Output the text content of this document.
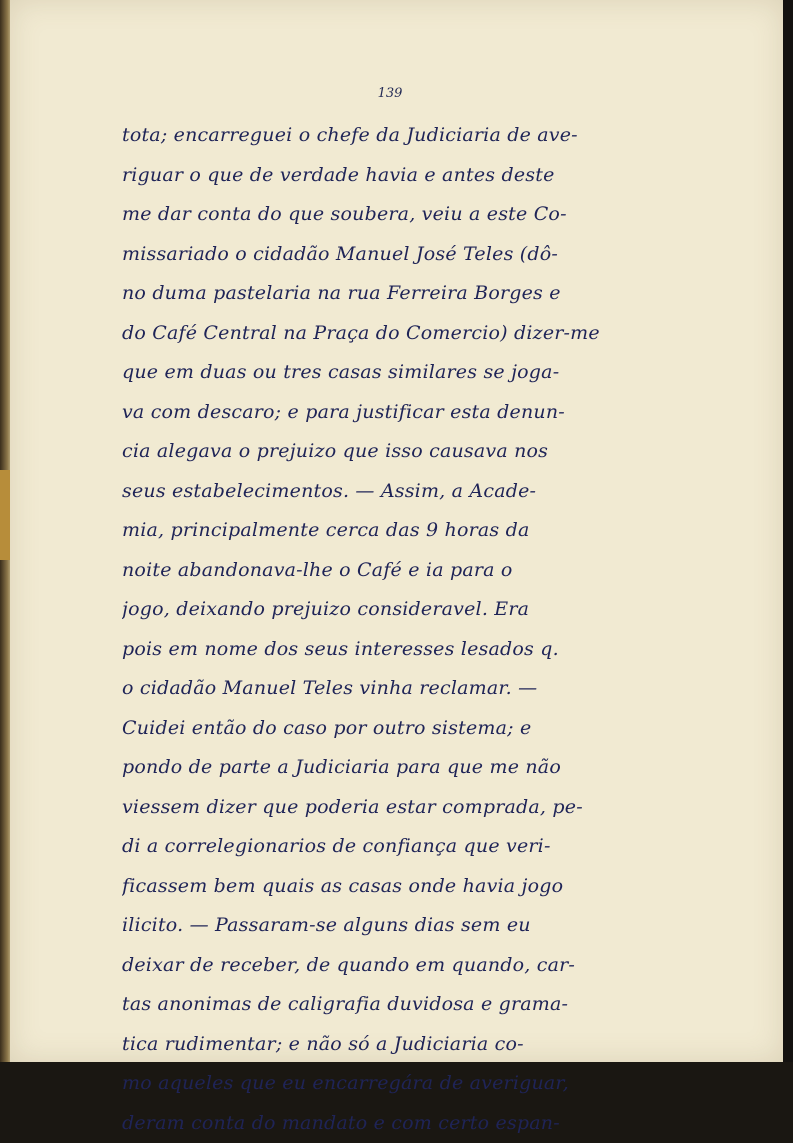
139
tota; encarreguei o chefe da Judiciaria de ave-
riguar o que de verdade havia e antes deste
me dar conta do que soubera, veiu a este Co-
missariado o cidadão Manuel José Teles (dô-
no duma pastelaria na rua Ferreira Borges e
do Café Central na Praça do Comercio) dizer-me
que em duas ou tres casas similares se joga-
va com descaro; e para justificar esta denun-
cia alegava o prejuizo que isso causava nos
seus estabelecimentos. — Assim, a Acade-
mia, principalmente cerca das 9 horas da
noite abandonava-lhe o Café e ia para o
jogo, deixando prejuizo consideravel. Era
pois em nome dos seus interesses lesados q.
o cidadão Manuel Teles vinha reclamar. —
Cuidei então do caso por outro sistema; e
pondo de parte a Judiciaria para que me não
viessem dizer que poderia estar comprada, pe-
di a correlegionarios de confiança que veri-
ficassem bem quais as casas onde havia jogo
ilicito. — Passaram-se alguns dias sem eu
deixar de receber, de quando em quando, car-
tas anonimas de caligrafia duvidosa e grama-
tica rudimentar; e não só a Judiciaria co-
mo aqueles que eu encarregára de averiguar,
deram conta do mandato e com certo espan-
